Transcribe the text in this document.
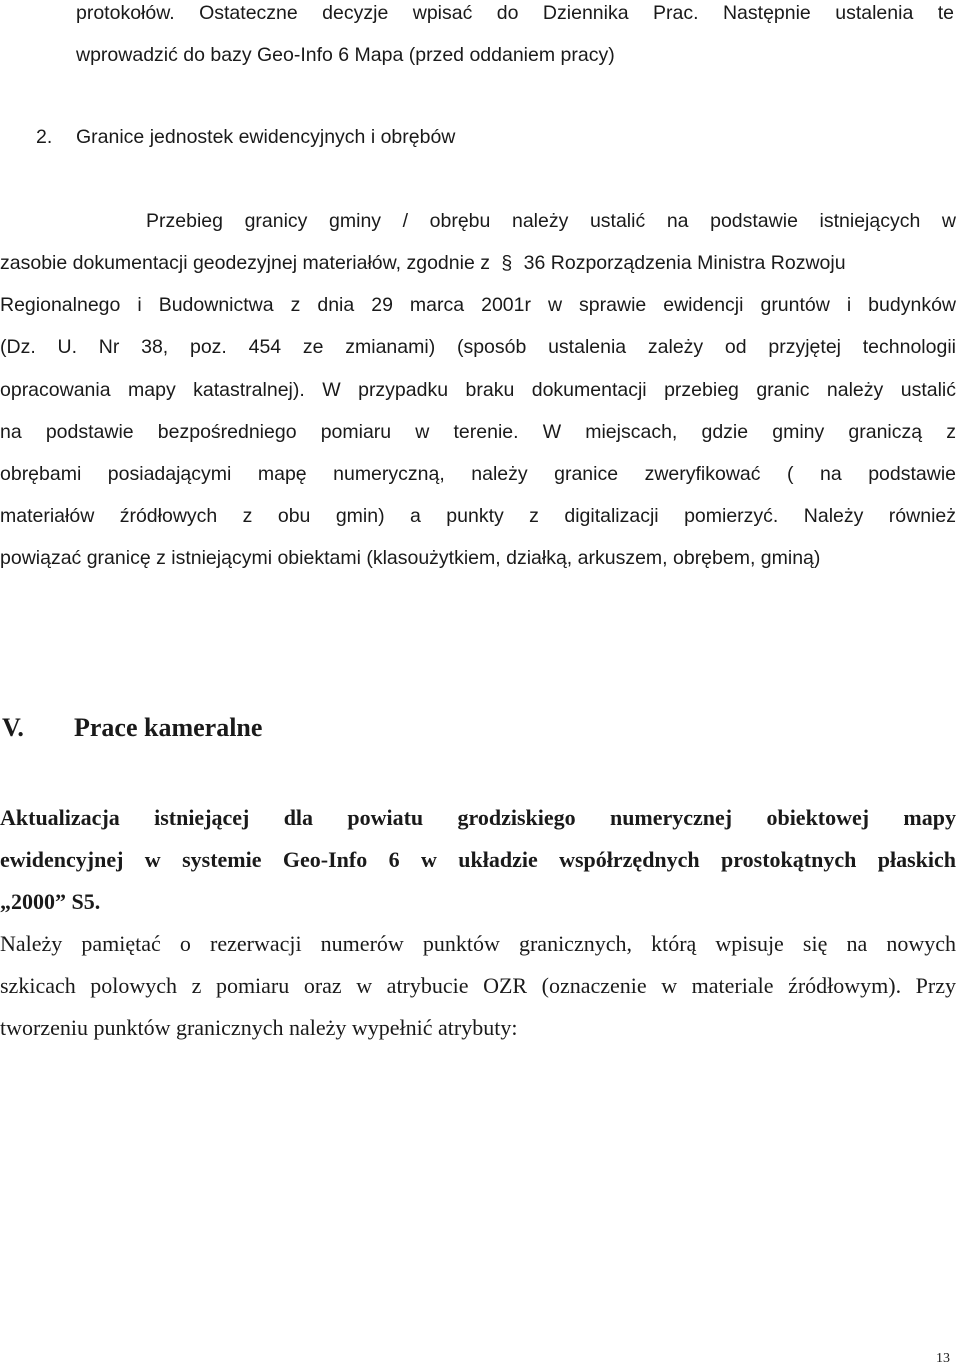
protokołów. Ostateczne decyzje wpisać do Dziennika Prac. Następnie ustalenia te
wprowadzić do bazy Geo-Info 6 Mapa (przed oddaniem pracy)
2. Granice jednostek ewidencyjnych i obrębów
Przebieg granicy gminy / obrębu należy ustalić na podstawie istniejących w
zasobie dokumentacji geodezyjnej materiałów, zgodnie z § 36 Rozporządzenia Ministra Rozwoju
Regionalnego i Budownictwa z dnia 29 marca 2001r w sprawie ewidencji gruntów i budynków
(Dz. U. Nr 38, poz. 454 ze zmianami) (sposób ustalenia zależy od przyjętej technologii
opracowania mapy katastralnej). W przypadku braku dokumentacji przebieg granic należy ustalić
na podstawie bezpośredniego pomiaru w terenie. W miejscach, gdzie gminy graniczą z
obrębami posiadającymi mapę numeryczną, należy granice zweryfikować ( na podstawie
materiałów źródłowych z obu gmin) a punkty z digitalizacji pomierzyć. Należy również
powiązać granicę z istniejącymi obiektami (klasoużytkiem, działką, arkuszem, obrębem, gminą)
V. Prace kameralne
Aktualizacja istniejącej dla powiatu grodziskiego numerycznej obiektowej mapy
ewidencyjnej w systemie Geo-Info 6 w układzie współrzędnych prostokątnych płaskich
„2000” S5.
Należy pamiętać o rezerwacji numerów punktów granicznych, którą wpisuje się na nowych
szkicach polowych z pomiaru oraz w atrybucie OZR (oznaczenie w materiale źródłowym). Przy
tworzeniu punktów granicznych należy wypełnić atrybuty:
13
